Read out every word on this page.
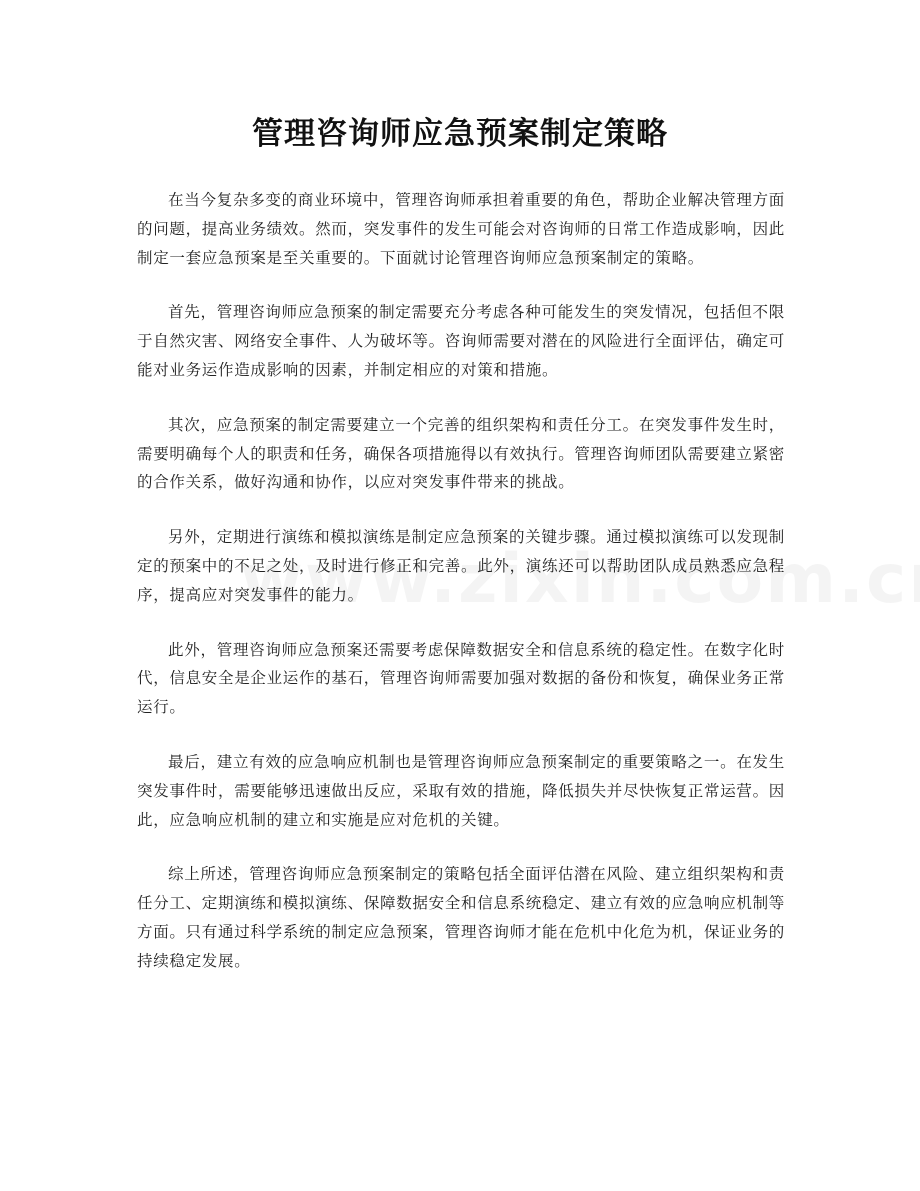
管理咨询师应急预案制定策略

在当今复杂多变的商业环境中，管理咨询师承担着重要的角色，帮助企业解决管理方面的问题，提高业务绩效。然而，突发事件的发生可能会对咨询师的日常工作造成影响，因此制定一套应急预案是至关重要的。下面就讨论管理咨询师应急预案制定的策略。

首先，管理咨询师应急预案的制定需要充分考虑各种可能发生的突发情况，包括但不限于自然灾害、网络安全事件、人为破坏等。咨询师需要对潜在的风险进行全面评估，确定可能对业务运作造成影响的因素，并制定相应的对策和措施。

其次，应急预案的制定需要建立一个完善的组织架构和责任分工。在突发事件发生时，需要明确每个人的职责和任务，确保各项措施得以有效执行。管理咨询师团队需要建立紧密的合作关系，做好沟通和协作，以应对突发事件带来的挑战。

另外，定期进行演练和模拟演练是制定应急预案的关键步骤。通过模拟演练可以发现制定的预案中的不足之处，及时进行修正和完善。此外，演练还可以帮助团队成员熟悉应急程序，提高应对突发事件的能力。

此外，管理咨询师应急预案还需要考虑保障数据安全和信息系统的稳定性。在数字化时代，信息安全是企业运作的基石，管理咨询师需要加强对数据的备份和恢复，确保业务正常运行。

最后，建立有效的应急响应机制也是管理咨询师应急预案制定的重要策略之一。在发生突发事件时，需要能够迅速做出反应，采取有效的措施，降低损失并尽快恢复正常运营。因此，应急响应机制的建立和实施是应对危机的关键。

综上所述，管理咨询师应急预案制定的策略包括全面评估潜在风险、建立组织架构和责任分工、定期演练和模拟演练、保障数据安全和信息系统稳定、建立有效的应急响应机制等方面。只有通过科学系统的制定应急预案，管理咨询师才能在危机中化危为机，保证业务的持续稳定发展。
